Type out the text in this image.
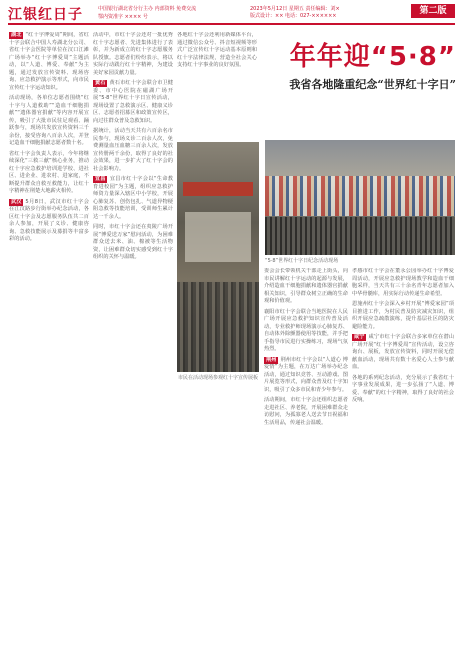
江银红日子	中国银行湖北省分行主办 内部资料 免费交流
鄂内资准字 ×××× 号
2023年5月12日 星期五 责任编辑：刘×
版式设计：×× 电话：027-××××××	第二版
年年迎“5·8”
我省各地隆重纪念“世界红十字日”

湖北 “红十字博爱周”期间，省红十字会联合中国人寿湖北分公司、省红十字会医院等单位在汉口江滩广场举办“红十字博爱周”主题活动，以“人道、博爱、奉献”为主题，通过发放宣传资料、现场咨询、应急救护演示等形式，向市民宣传红十字运动知识。

活动现场，各单位志愿者围绕“红十字与人道救助”“造血干细胞捐献”“遗体器官捐献”等内容开展宣传，吸引了大批市民驻足观看、踊跃参与，现场共发放宣传资料三千余份，接受咨询八百余人次，并登记造血干细胞捐献志愿者数十名。

省红十字会负责人表示，今年将继续深化“三救三献”核心业务，推动红十字应急救护培训进学校、进社区、进企业、进农村、进家庭，不断提升群众自救互救能力，让红十字精神在荆楚大地薪火相传。

武汉 5月8日，武汉市红十字会在江汉路步行街举办纪念活动，各区红十字会及志愿服务队伍共二百余人参加，开展了义诊、健康咨询、急救技能展示及募捐等丰富多彩的活动。

活动中，市红十字会还对一批优秀红十字志愿者、先进集体进行了表彰，并为新成立的红十字志愿服务队授旗。志愿者们纷纷表示，将以实际行动践行红十字精神，为建设美好家园贡献力量。

黄石 黄石市红十字会联合市卫健委、市中心医院在磁湖广场开展“5·8”世界红十字日宣传活动，现场设置了急救演示区、健康义诊区、志愿者招募区和政策宣传区，向过往群众普及急救知识。

据统计，活动当天共有六百余名市民参与，现场义诊二百余人次，免费测量血压血糖三百余人次，发放宣传册两千余份，取得了良好的社会效果，进一步扩大了红十字会的社会影响力。

宜昌 宜昌市红十字会以“生命教育进校园”为主题，组织应急救护师资力量深入辖区中小学校，开展心肺复苏、创伤包扎、气道异物梗阻急救等技能培训，受训师生累计达一千余人。

同时，市红十字会还在夷陵广场开展“博爱送万家”慰问活动，为困难群众送去米、油、棉被等生活物资，让困难群众切实感受到红十字组织的关怀与温暖。

各地红十字会还利用新媒体平台，通过微信公众号、抖音短视频等形式广泛宣传红十字运动基本原则和红十字法律法规，营造全社会关心支持红十字事业的良好氛围。

市民在活动现场参观红十字宣传展板
“5·8”世界红十字日纪念活动现场

委会会长带领机关干部走上街头，向市民讲解红十字运动的起源与发展，介绍造血干细胞捐献和遗体器官捐献相关知识，引导群众树立正确的生命观和价值观。

襄阳市红十字会联合当地医院在人民广场开展应急救护知识宣传普及活动，专业救护师现场演示心肺复苏、自动体外除颤器使用等技能，并手把手指导市民进行实操练习，现场气氛热烈。

荆州 荆州市红十字会以“人道心 博爱情”为主题，在万达广场举办纪念活动，通过知识竞答、互动游戏、图片展览等形式，向群众普及红十字知识，吸引了众多市民和青少年参与。

活动期间，市红十字会还组织志愿者走进社区、养老院，开展困难群众走访慰问，为孤寡老人送去节日祝福和生活用品，传递社会温暖。

孝感市红十字会在董永公园举办红十字博爱周活动，开展应急救护现场教学和造血干细胞采样，当天共有三十余名青年志愿者加入中华骨髓库，用实际行动传递生命希望。

恩施州红十字会深入乡村开展“博爱家园”项目推进工作，为村民普及防灾减灾知识，组织开展应急疏散演练，提升基层社区的防灾避险能力。

咸宁 咸宁市红十字会联合多家单位在潜山广场开展“红十字博爱周”宣传活动，设立咨询台、展板，发放宣传资料，同时开展无偿献血活动，现场共有数十名爱心人士参与献血。

各地的系列纪念活动，充分展示了我省红十字事业发展成果，进一步弘扬了“人道、博爱、奉献”的红十字精神，取得了良好的社会反响。
